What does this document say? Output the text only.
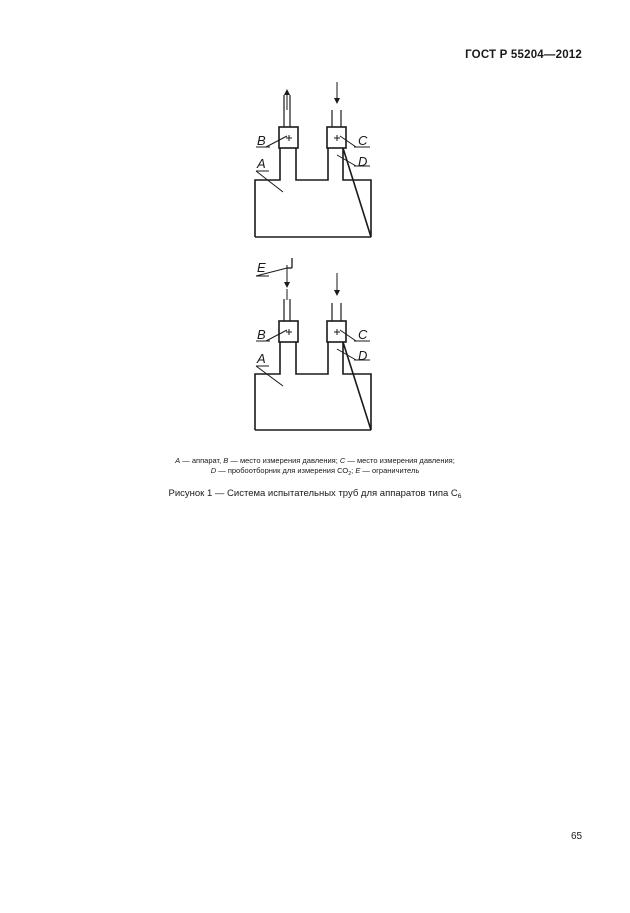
ГОСТ Р 55204—2012
B	C
A	D
E
B	C
A	D
A — аппарат, B — место измерения давления; C — место измерения давления;
D — пробоотборник для измерения $СО_2$; E — ограничитель
Рисунок 1 — Система испытательных труб для аппаратов типа $С_6$
65
